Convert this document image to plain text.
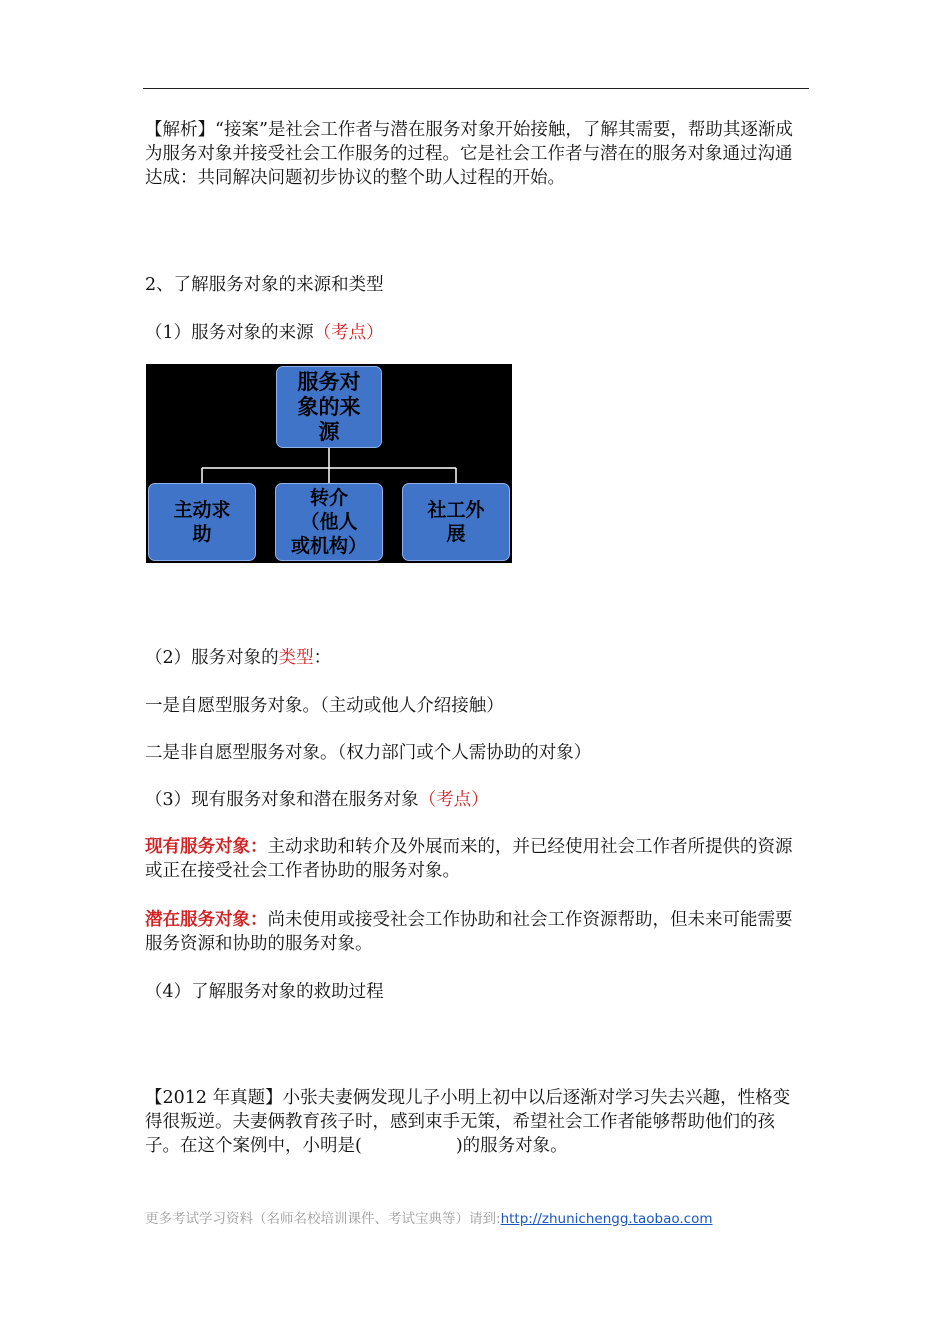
【解析】“接案”是社会工作者与潜在服务对象开始接触，了解其需要，帮助其逐渐成为服务对象并接受社会工作服务的过程。它是社会工作者与潜在的服务对象通过沟通达成：共同解决问题初步协议的整个助人过程的开始。
2、了解服务对象的来源和类型
（1）服务对象的来源（考点）
服务对
象的来
源
主动求
助
转介
（他人
或机构）
社工外
展
（2）服务对象的类型：
一是自愿型服务对象。（主动或他人介绍接触）
二是非自愿型服务对象。（权力部门或个人需协助的对象）
（3）现有服务对象和潜在服务对象（考点）
现有服务对象：主动求助和转介及外展而来的，并已经使用社会工作者所提供的资源或正在接受社会工作者协助的服务对象。
潜在服务对象：尚未使用或接受社会工作协助和社会工作资源帮助，但未来可能需要服务资源和协助的服务对象。
（4）了解服务对象的救助过程
【2012 年真题】小张夫妻俩发现儿子小明上初中以后逐渐对学习失去兴趣，性格变得很叛逆。夫妻俩教育孩子时，感到束手无策，希望社会工作者能够帮助他们的孩子。在这个案例中，小明是(	)的服务对象。
更多考试学习资料（名师名校培训课件、考试宝典等）请到:http://zhunichengg.taobao.com
